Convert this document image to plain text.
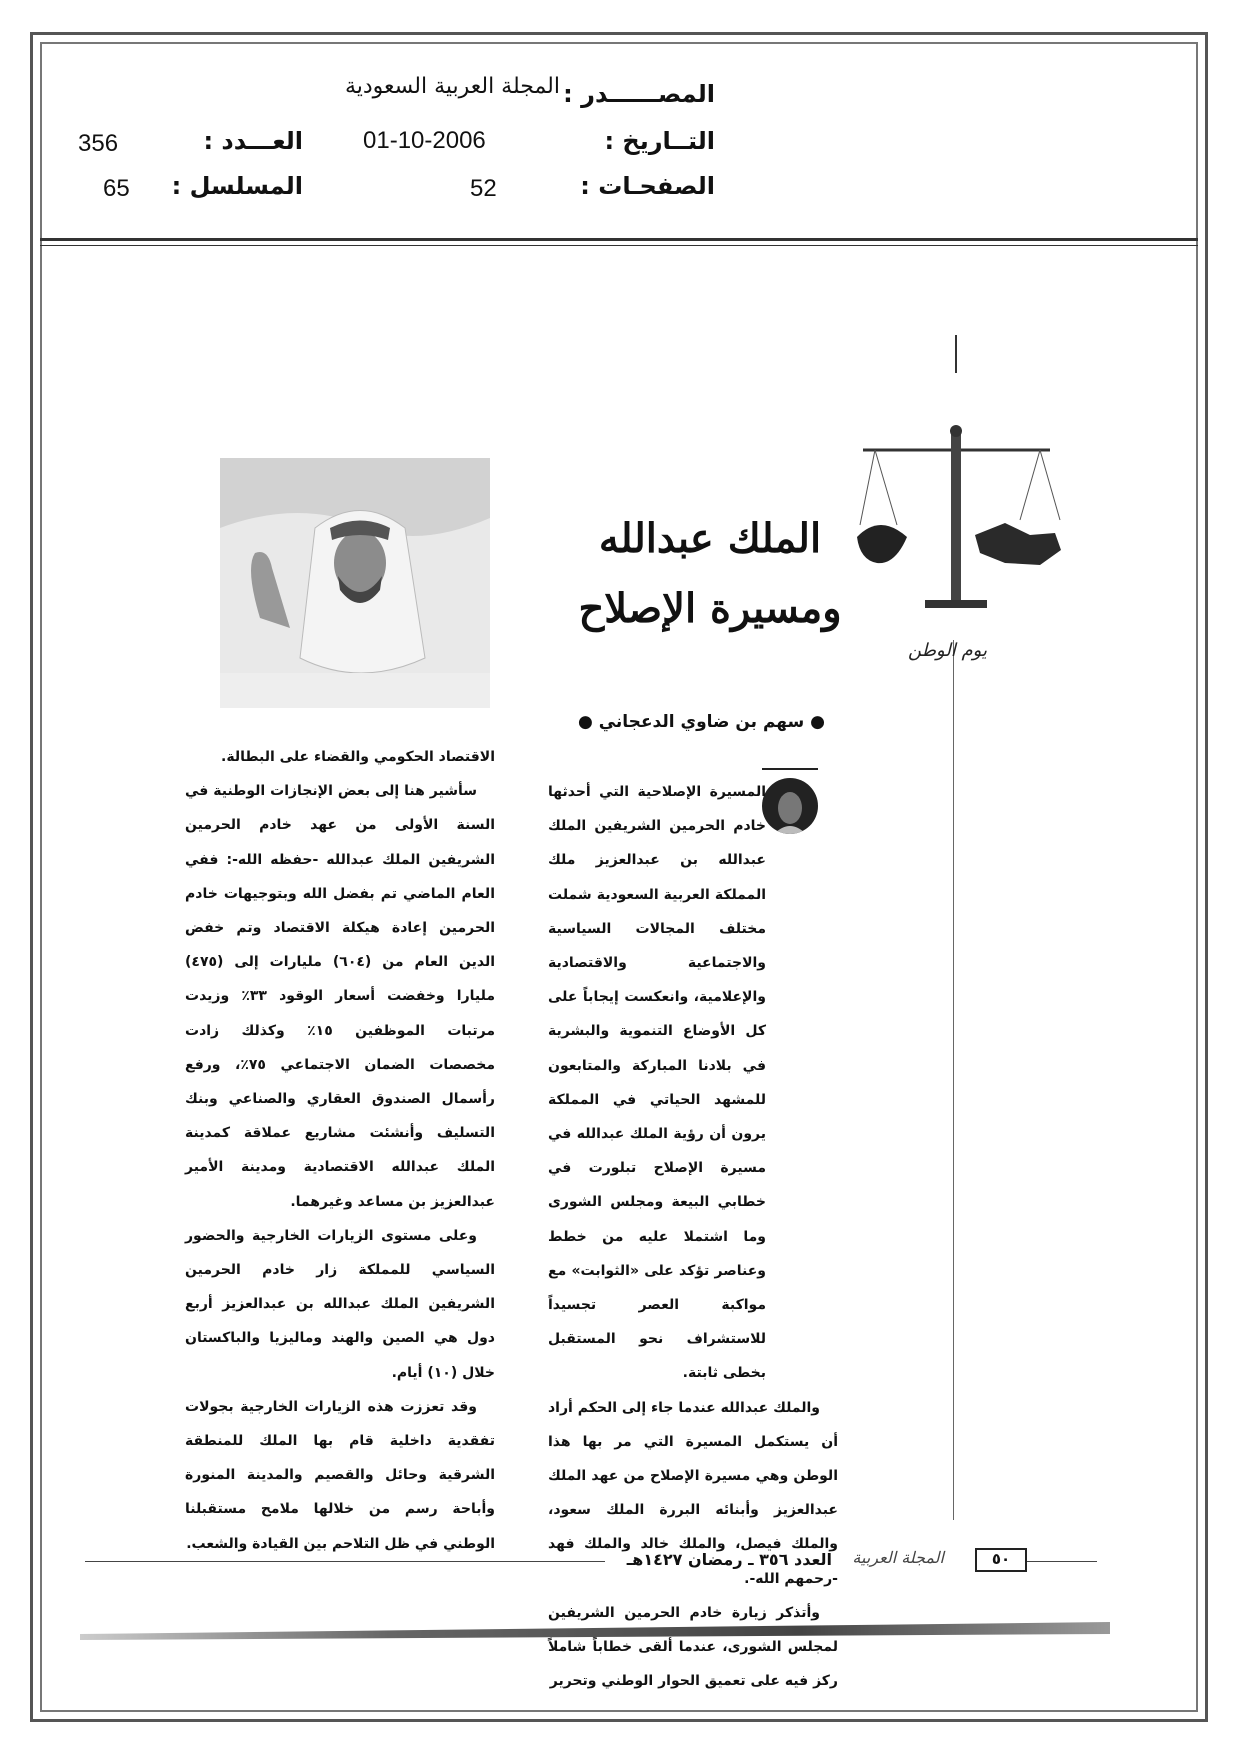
المصــــــدر :
المجلة العربية السعودية
التــاريخ :
01-10-2006
العـــدد :
356
الصفحـات :
52
المسلسل :
65
يوم الوطن
الملك عبدالله
ومسيرة الإصلاح
● سهم بن ضاوي الدعجاني ●

المسيرة الإصلاحية التي أحدثها خادم الحرمين الشريفين الملك عبدالله بن عبدالعزيز ملك المملكة العربية السعودية شملت مختلف المجالات السياسية والاجتماعية والاقتصادية والإعلامية، وانعكست إيجاباً على كل الأوضاع التنموية والبشرية في بلادنا المباركة والمتابعون للمشهد الحياتي في المملكة يرون أن رؤية الملك عبدالله في مسيرة الإصلاح تبلورت في خطابي البيعة ومجلس الشورى وما اشتملا عليه من خطط وعناصر تؤكد على «الثوابت» مع مواكبة العصر تجسيداً للاستشراف نحو المستقبل بخطى ثابتة.

والملك عبدالله عندما جاء إلى الحكم أراد أن يستكمل المسيرة التي مر بها هذا الوطن وهي مسيرة الإصلاح من عهد الملك عبدالعزيز وأبنائه البررة الملك سعود، والملك فيصل، والملك خالد والملك فهد -رحمهم الله-.

وأتذكر زيارة خادم الحرمين الشريفين لمجلس الشورى، عندما ألقى خطاباً شاملاً ركز فيه على تعميق الحوار الوطني وتحرير

الاقتصاد الحكومي والقضاء على البطالة.

سأشير هنا إلى بعض الإنجازات الوطنية في السنة الأولى من عهد خادم الحرمين الشريفين الملك عبدالله -حفظه الله-: ففي العام الماضي تم بفضل الله وبتوجيهات خادم الحرمين إعادة هيكلة الاقتصاد وتم خفض الدين العام من (٦٠٤) مليارات إلى (٤٧٥) مليارا وخفضت أسعار الوقود ٣٣٪ وزيدت مرتبات الموظفين ١٥٪ وكذلك زادت مخصصات الضمان الاجتماعي ٧٥٪، ورفع رأسمال الصندوق العقاري والصناعي وبنك التسليف وأنشئت مشاريع عملاقة كمدينة الملك عبدالله الاقتصادية ومدينة الأمير عبدالعزيز بن مساعد وغيرهما.

وعلى مستوى الزيارات الخارجية والحضور السياسي للمملكة زار خادم الحرمين الشريفين الملك عبدالله بن عبدالعزيز أربع دول هي الصين والهند وماليزيا والباكستان خلال (١٠) أيام.

وقد تعززت هذه الزيارات الخارجية بجولات تفقدية داخلية قام بها الملك للمنطقة الشرقية وحائل والقصيم والمدينة المنورة وأباحة رسم من خلالها ملامح مستقبلنا الوطني في ظل التلاحم بين القيادة والشعب.

العدد ٣٥٦ ـ رمضان ١٤٢٧هـ المجلة العربية	٥٠
